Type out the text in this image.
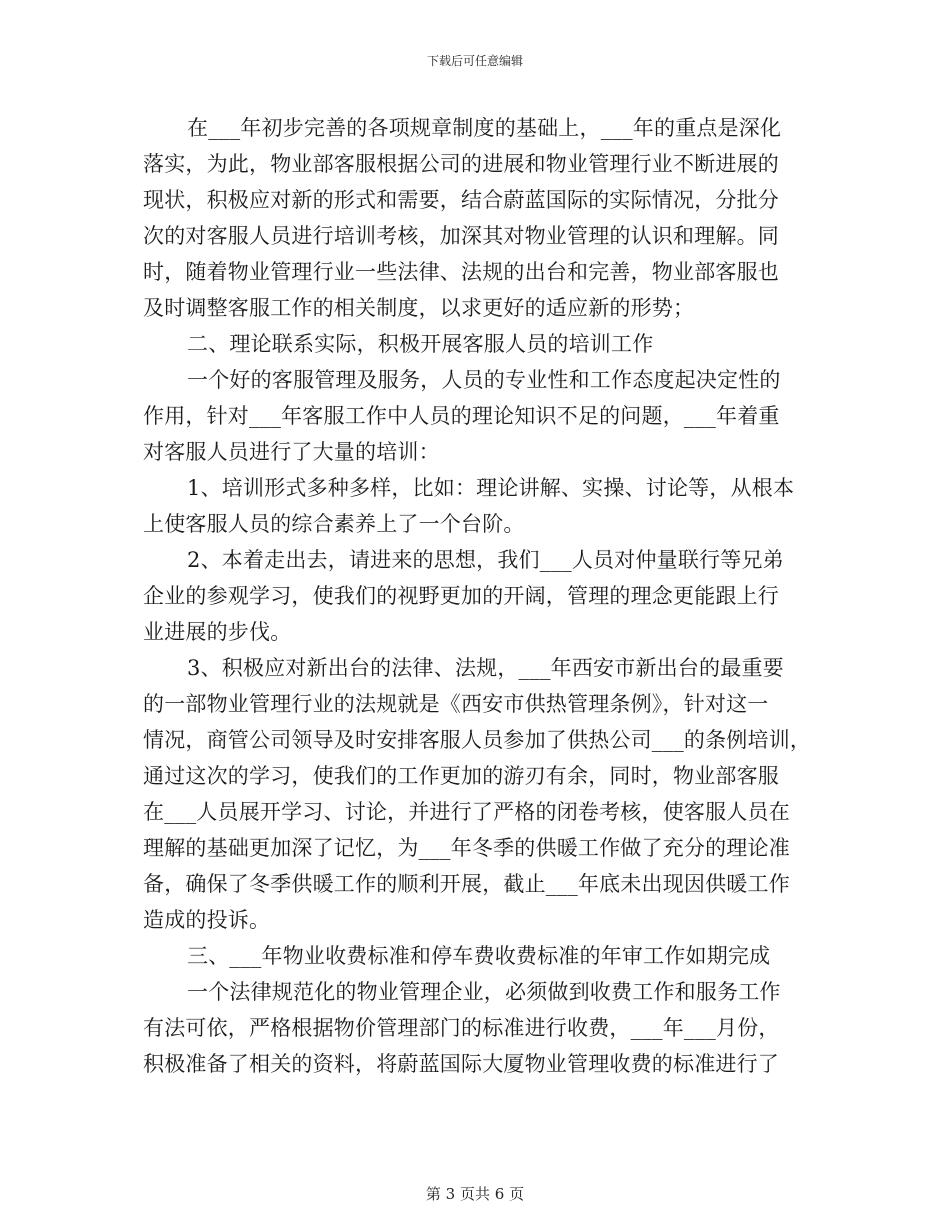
下载后可任意编辑
在___年初步完善的各项规章制度的基础上，___年的重点是深化
落实，为此，物业部客服根据公司的进展和物业管理行业不断进展的
现状，积极应对新的形式和需要，结合蔚蓝国际的实际情况，分批分
次的对客服人员进行培训考核，加深其对物业管理的认识和理解。同
时，随着物业管理行业一些法律、法规的出台和完善，物业部客服也
及时调整客服工作的相关制度，以求更好的适应新的形势；
二、理论联系实际，积极开展客服人员的培训工作
一个好的客服管理及服务，人员的专业性和工作态度起决定性的
作用，针对___年客服工作中人员的理论知识不足的问题，___年着重
对客服人员进行了大量的培训：
1、培训形式多种多样，比如：理论讲解、实操、讨论等，从根本
上使客服人员的综合素养上了一个台阶。
2、本着走出去，请进来的思想，我们___人员对仲量联行等兄弟
企业的参观学习，使我们的视野更加的开阔，管理的理念更能跟上行
业进展的步伐。
3、积极应对新出台的法律、法规，___年西安市新出台的最重要
的一部物业管理行业的法规就是《西安市供热管理条例》，针对这一
情况，商管公司领导及时安排客服人员参加了供热公司___的条例培训，
通过这次的学习，使我们的工作更加的游刃有余，同时，物业部客服
在___人员展开学习、讨论，并进行了严格的闭卷考核，使客服人员在
理解的基础更加深了记忆，为___年冬季的供暖工作做了充分的理论准
备，确保了冬季供暖工作的顺利开展，截止___年底未出现因供暖工作
造成的投诉。
三、___年物业收费标准和停车费收费标准的年审工作如期完成
一个法律规范化的物业管理企业，必须做到收费工作和服务工作
有法可依，严格根据物价管理部门的标准进行收费，___年___月份，
积极准备了相关的资料，将蔚蓝国际大厦物业管理收费的标准进行了
第 3 页共 6 页
